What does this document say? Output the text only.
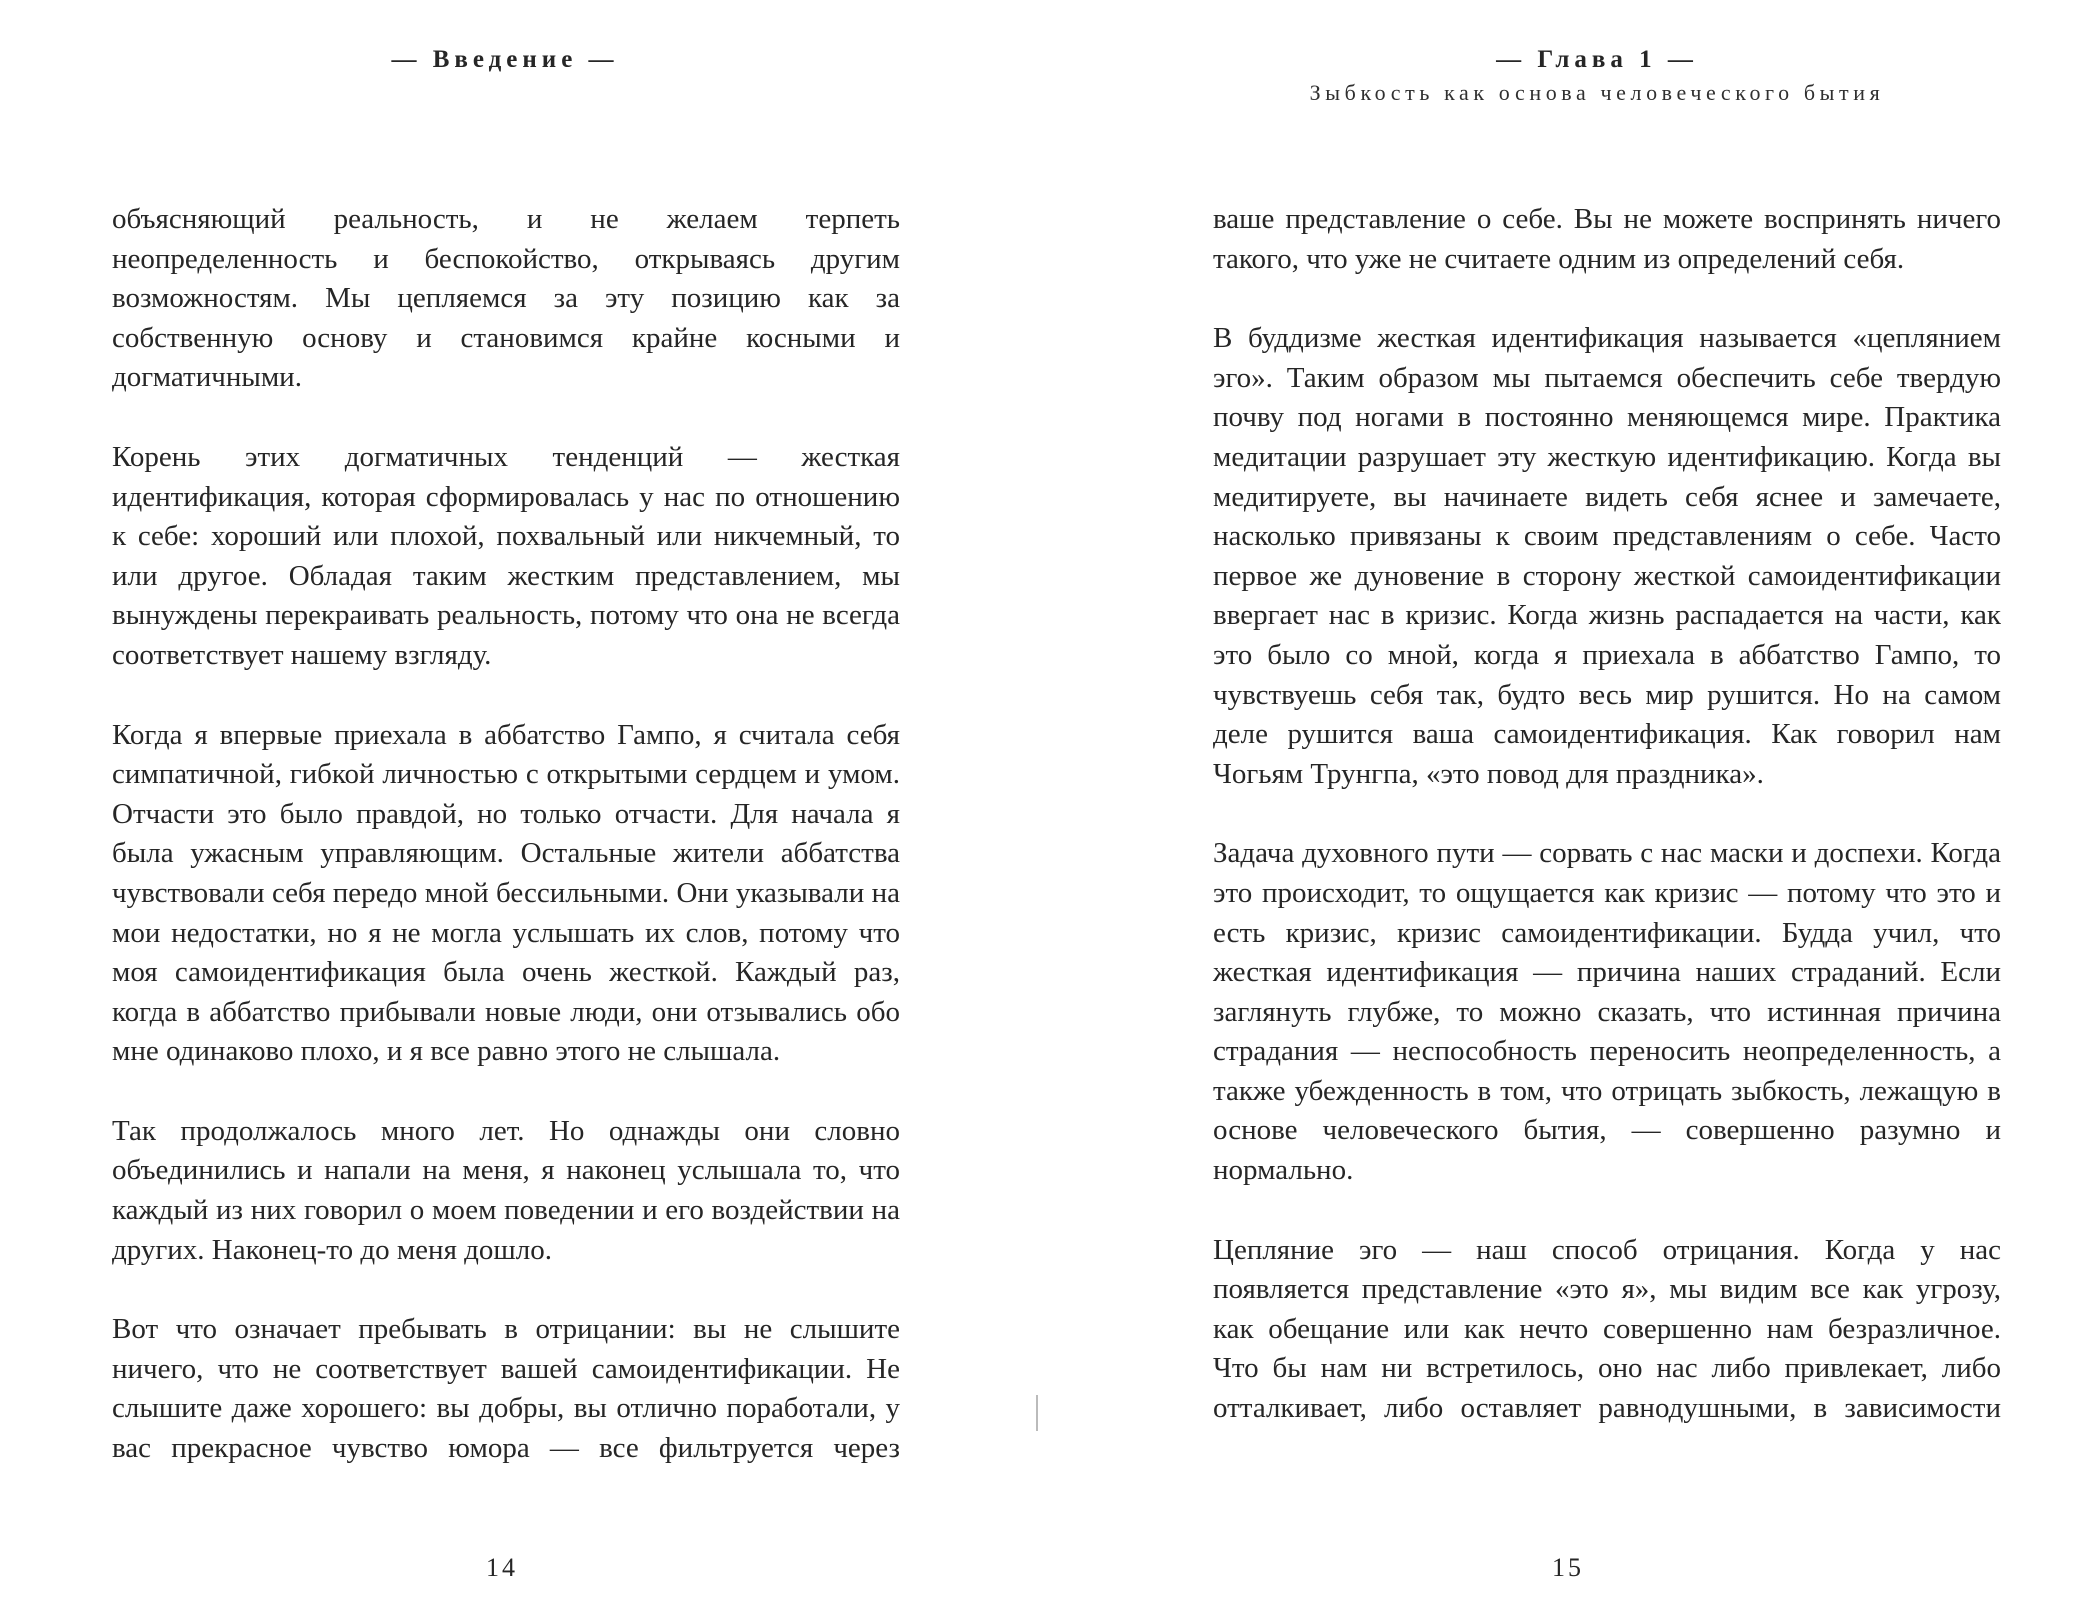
— Введение —

объясняющий реальность, и не желаем терпеть неопределенность и беспокойство, открываясь другим возможностям. Мы цепляемся за эту позицию как за собственную основу и становимся крайне косными и догматичными.

Корень этих догматичных тенденций — жесткая идентификация, которая сформировалась у нас по отношению к себе: хороший или плохой, похвальный или никчемный, то или другое. Обладая таким жестким представлением, мы вынуждены перекраивать реальность, потому что она не всегда соответствует нашему взгляду.

Когда я впервые приехала в аббатство Гампо, я считала себя симпатичной, гибкой личностью с открытыми сердцем и умом. Отчасти это было правдой, но только отчасти. Для начала я была ужасным управляющим. Остальные жители аббатства чувствовали себя передо мной бессильными. Они указывали на мои недостатки, но я не могла услышать их слов, потому что моя самоидентификация была очень жесткой. Каждый раз, когда в аббатство прибывали новые люди, они отзывались обо мне одинаково плохо, и я все равно этого не слышала.

Так продолжалось много лет. Но однажды они словно объединились и напали на меня, я наконец услышала то, что каждый из них говорил о моем поведении и его воздействии на других. Наконец-то до меня дошло.

Вот что означает пребывать в отрицании: вы не слышите ничего, что не соответствует вашей самоидентификации. Не слышите даже хорошего: вы добры, вы отлично поработали, у вас прекрасное чувство юмора — все фильтруется через

14
— Глава 1 —
Зыбкость как основа человеческого бытия

ваше представление о себе. Вы не можете воспринять ничего такого, что уже не считаете одним из определений себя.

В буддизме жесткая идентификация называется «цеплянием эго». Таким образом мы пытаемся обеспечить себе твердую почву под ногами в постоянно меняющемся мире. Практика медитации разрушает эту жесткую идентификацию. Когда вы медитируете, вы начинаете видеть себя яснее и замечаете, насколько привязаны к своим представлениям о себе. Часто первое же дуновение в сторону жесткой самоидентификации ввергает нас в кризис. Когда жизнь распадается на части, как это было со мной, когда я приехала в аббатство Гампо, то чувствуешь себя так, будто весь мир рушится. Но на самом деле рушится ваша самоидентификация. Как говорил нам Чогьям Трунгпа, «это повод для праздника».

Задача духовного пути — сорвать с нас маски и доспехи. Когда это происходит, то ощущается как кризис — потому что это и есть кризис, кризис самоидентификации. Будда учил, что жесткая идентификация — причина наших страданий. Если заглянуть глубже, то можно сказать, что истинная причина страдания — неспособность переносить неопределенность, а также убежденность в том, что отрицать зыбкость, лежащую в основе человеческого бытия, — совершенно разумно и нормально.

Цепляние эго — наш способ отрицания. Когда у нас появляется представление «это я», мы видим все как угрозу, как обещание или как нечто совершенно нам безразличное. Что бы нам ни встретилось, оно нас либо привлекает, либо отталкивает, либо оставляет равнодушными, в зависимости

15
